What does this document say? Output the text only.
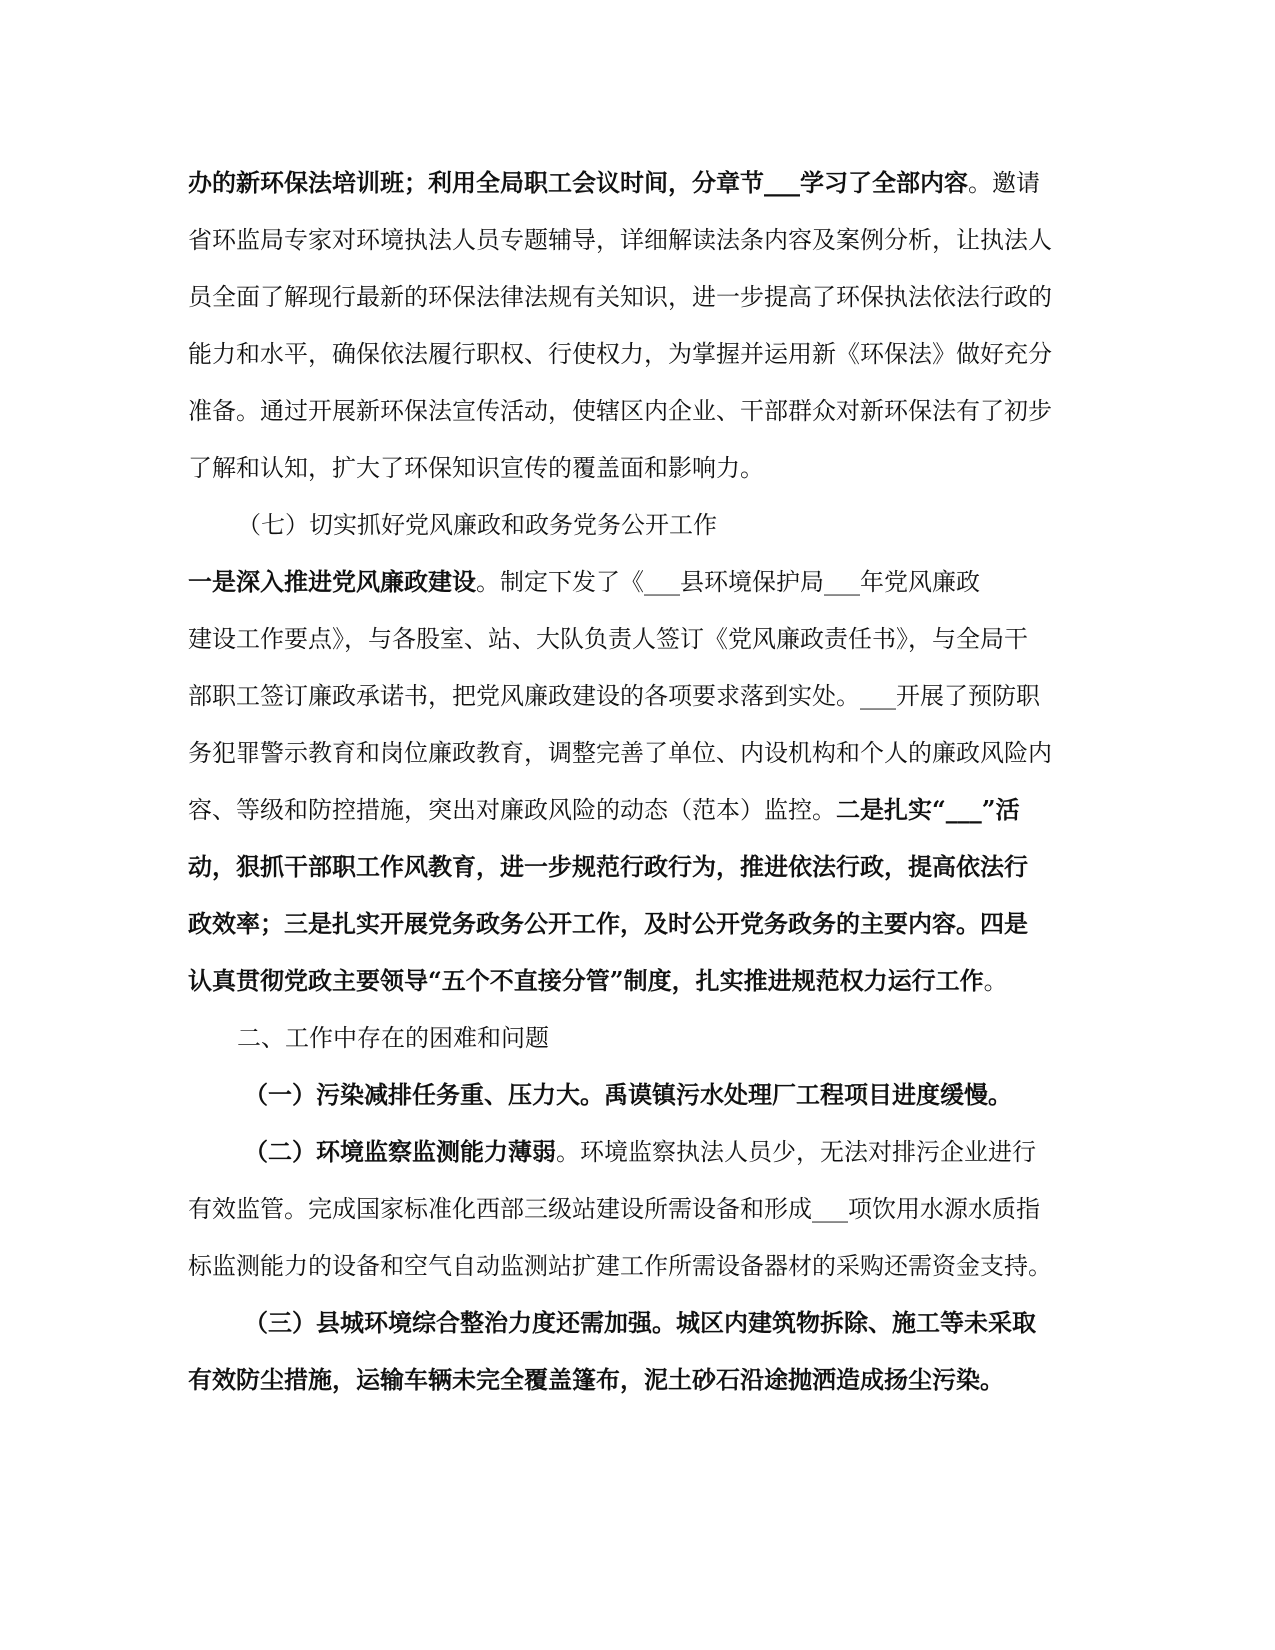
办的新环保法培训班；利用全局职工会议时间，分章节___学习了全部内容。邀请

省环监局专家对环境执法人员专题辅导，详细解读法条内容及案例分析，让执法人

员全面了解现行最新的环保法律法规有关知识，进一步提高了环保执法依法行政的

能力和水平，确保依法履行职权、行使权力，为掌握并运用新《环保法》做好充分

准备。通过开展新环保法宣传活动，使辖区内企业、干部群众对新环保法有了初步

了解和认知，扩大了环保知识宣传的覆盖面和影响力。

（七）切实抓好党风廉政和政务党务公开工作

一是深入推进党风廉政建设。制定下发了《___县环境保护局___年党风廉政

建设工作要点》，与各股室、站、大队负责人签订《党风廉政责任书》，与全局干

部职工签订廉政承诺书，把党风廉政建设的各项要求落到实处。___开展了预防职

务犯罪警示教育和岗位廉政教育，调整完善了单位、内设机构和个人的廉政风险内

容、等级和防控措施，突出对廉政风险的动态（范本）监控。二是扎实“___”活

动，狠抓干部职工作风教育，进一步规范行政行为，推进依法行政，提高依法行

政效率；三是扎实开展党务政务公开工作，及时公开党务政务的主要内容。四是

认真贯彻党政主要领导“五个不直接分管”制度，扎实推进规范权力运行工作。

二、工作中存在的困难和问题

（一）污染减排任务重、压力大。禹谟镇污水处理厂工程项目进度缓慢。

（二）环境监察监测能力薄弱。环境监察执法人员少，无法对排污企业进行

有效监管。完成国家标准化西部三级站建设所需设备和形成___项饮用水源水质指

标监测能力的设备和空气自动监测站扩建工作所需设备器材的采购还需资金支持。

（三）县城环境综合整治力度还需加强。城区内建筑物拆除、施工等未采取

有效防尘措施，运输车辆未完全覆盖篷布，泥土砂石沿途抛洒造成扬尘污染。
